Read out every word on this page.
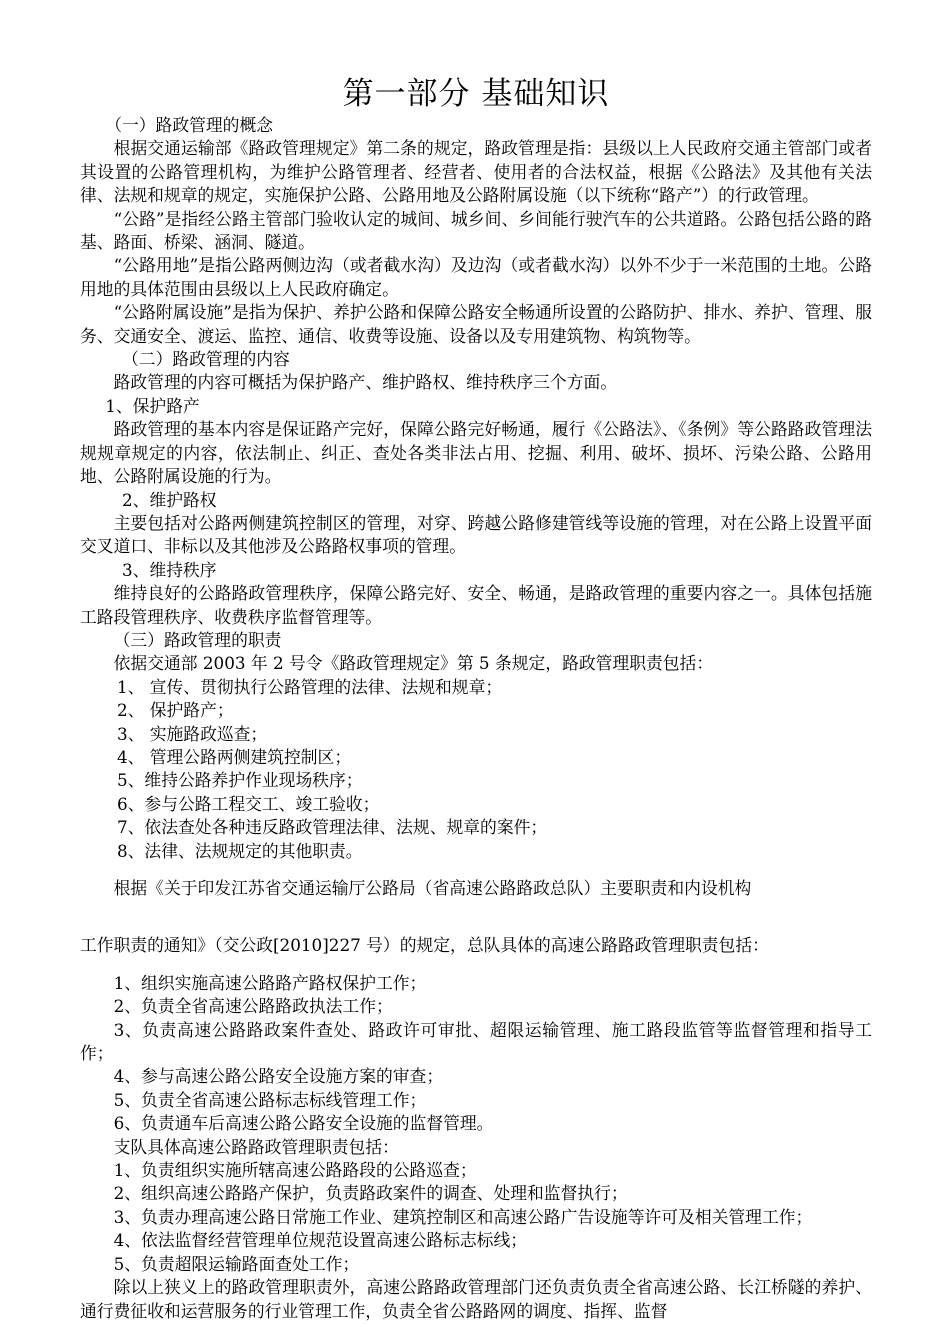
第一部分 基础知识

（一）路政管理的概念

根据交通运输部《路政管理规定》第二条的规定，路政管理是指：县级以上人民政府交通主管部门或者其设置的公路管理机构，为维护公路管理者、经营者、使用者的合法权益，根据《公路法》及其他有关法律、法规和规章的规定，实施保护公路、公路用地及公路附属设施（以下统称“路产”）的行政管理。

“公路”是指经公路主管部门验收认定的城间、城乡间、乡间能行驶汽车的公共道路。公路包括公路的路基、路面、桥梁、涵洞、隧道。

“公路用地”是指公路两侧边沟（或者截水沟）及边沟（或者截水沟）以外不少于一米范围的土地。公路用地的具体范围由县级以上人民政府确定。

“公路附属设施”是指为保护、养护公路和保障公路安全畅通所设置的公路防护、排水、养护、管理、服务、交通安全、渡运、监控、通信、收费等设施、设备以及专用建筑物、构筑物等。

（二）路政管理的内容

路政管理的内容可概括为保护路产、维护路权、维持秩序三个方面。

1、保护路产

路政管理的基本内容是保证路产完好，保障公路完好畅通，履行《公路法》、《条例》等公路路政管理法规规章规定的内容，依法制止、纠正、查处各类非法占用、挖掘、利用、破坏、损坏、污染公路、公路用地、公路附属设施的行为。

2、维护路权

主要包括对公路两侧建筑控制区的管理，对穿、跨越公路修建管线等设施的管理，对在公路上设置平面交叉道口、非标以及其他涉及公路路权事项的管理。

3、维持秩序

维持良好的公路路政管理秩序，保障公路完好、安全、畅通，是路政管理的重要内容之一。具体包括施工路段管理秩序、收费秩序监督管理等。

（三）路政管理的职责

依据交通部 2003 年 2 号令《路政管理规定》第 5 条规定，路政管理职责包括：

1、 宣传、贯彻执行公路管理的法律、法规和规章；

2、 保护路产；

3、 实施路政巡查；

4、 管理公路两侧建筑控制区；

5、维持公路养护作业现场秩序；

6、参与公路工程交工、竣工验收；

7、依法查处各种违反路政管理法律、法规、规章的案件；

8、法律、法规规定的其他职责。

根据《关于印发江苏省交通运输厅公路局（省高速公路路政总队）主要职责和内设机构

工作职责的通知》（交公政[2010]227 号）的规定，总队具体的高速公路路政管理职责包括：

1、组织实施高速公路路产路权保护工作；

2、负责全省高速公路路政执法工作；

3、负责高速公路路政案件查处、路政许可审批、超限运输管理、施工路段监管等监督管理和指导工作；

4、参与高速公路公路安全设施方案的审查；

5、负责全省高速公路标志标线管理工作；

6、负责通车后高速公路公路安全设施的监督管理。

支队具体高速公路路政管理职责包括：

1、负责组织实施所辖高速公路路段的公路巡查；

2、组织高速公路路产保护，负责路政案件的调查、处理和监督执行；

3、负责办理高速公路日常施工作业、建筑控制区和高速公路广告设施等许可及相关管理工作；

4、依法监督经营管理单位规范设置高速公路标志标线；

5、负责超限运输路面查处工作；

除以上狭义上的路政管理职责外，高速公路路政管理部门还负责负责全省高速公路、长江桥隧的养护、通行费征收和运营服务的行业管理工作，负责全省公路路网的调度、指挥、监督
